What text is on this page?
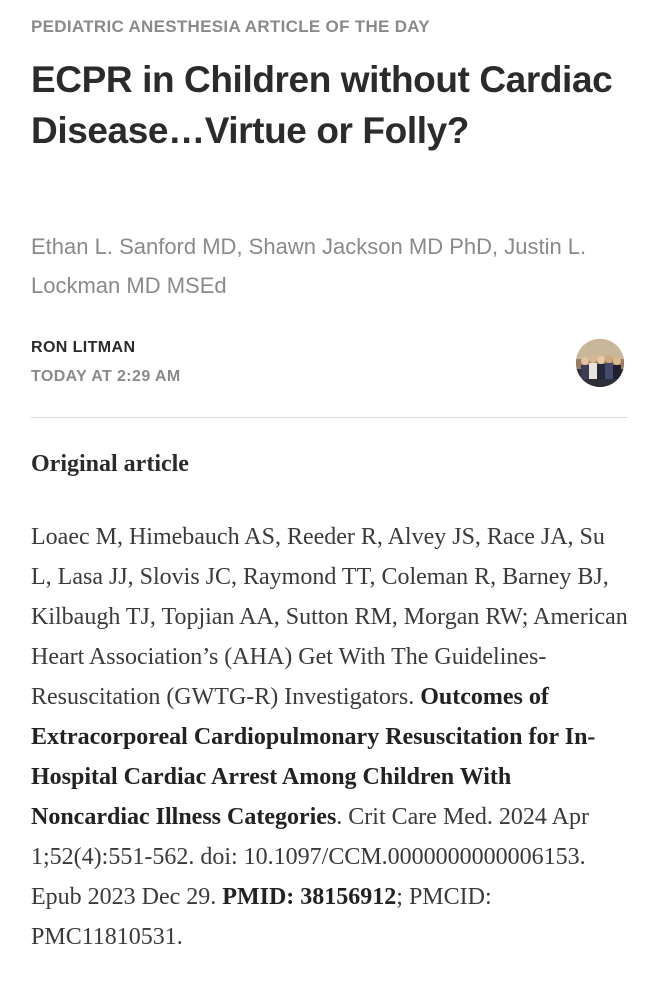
PEDIATRIC ANESTHESIA ARTICLE OF THE DAY
ECPR in Children without Cardiac Disease…Virtue or Folly?
Ethan L. Sanford MD, Shawn Jackson MD PhD, Justin L. Lockman MD MSEd
RON LITMAN
TODAY AT 2:29 AM
Original article
Loaec M, Himebauch AS, Reeder R, Alvey JS, Race JA, Su L, Lasa JJ, Slovis JC, Raymond TT, Coleman R, Barney BJ, Kilbaugh TJ, Topjian AA, Sutton RM, Morgan RW; American Heart Association’s (AHA) Get With The Guidelines-Resuscitation (GWTG-R) Investigators. Outcomes of Extracorporeal Cardiopulmonary Resuscitation for In-Hospital Cardiac Arrest Among Children With Noncardiac Illness Categories. Crit Care Med. 2024 Apr 1;52(4):551-562. doi: 10.1097/CCM.0000000000006153. Epub 2023 Dec 29. PMID: 38156912; PMCID: PMC11810531.
